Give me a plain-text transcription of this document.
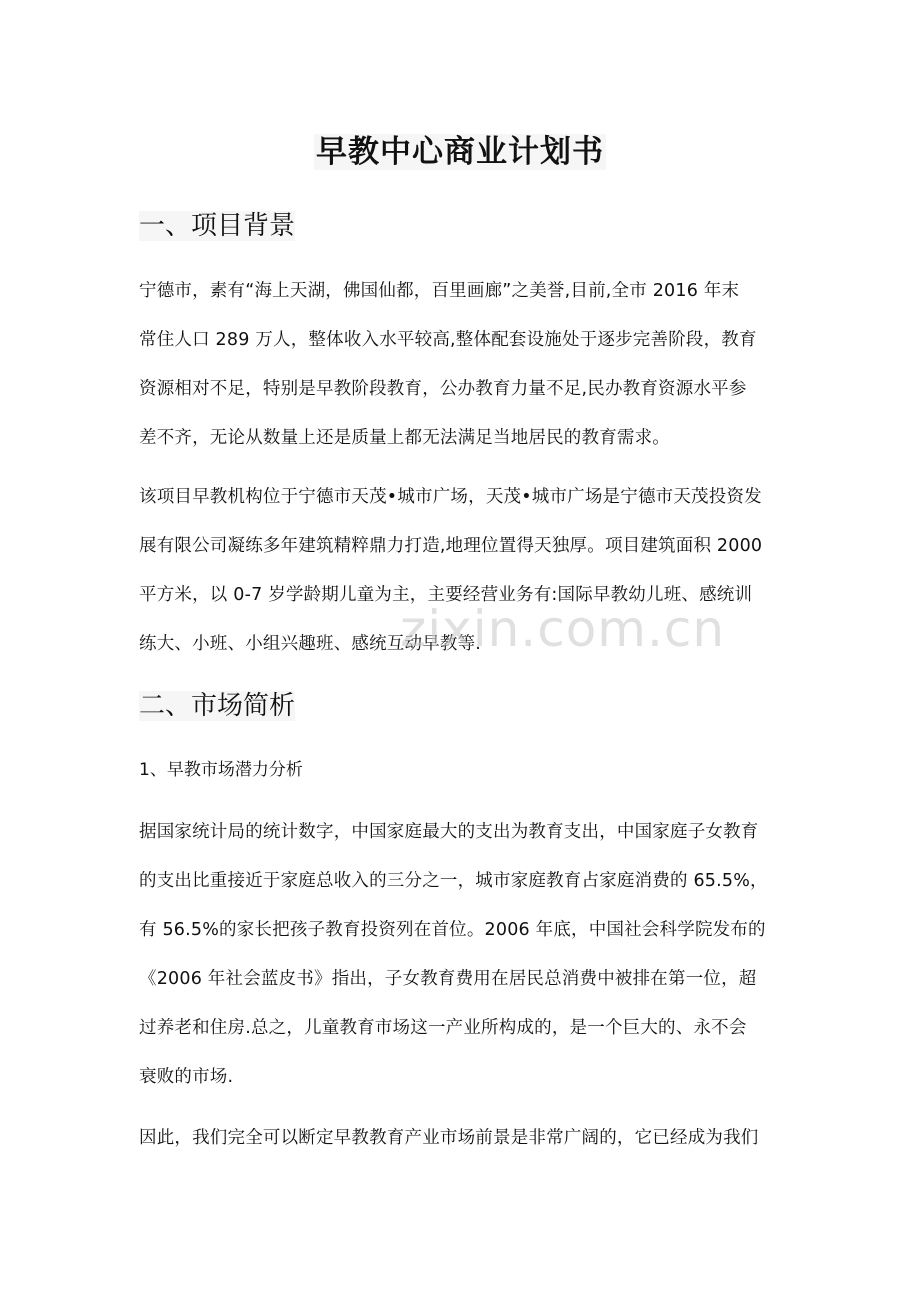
早教中心商业计划书
一、项目背景
宁德市，素有“海上天湖，佛国仙都，百里画廊”之美誉,目前,全市 2016 年末
常住人口 289 万人，整体收入水平较高,整体配套设施处于逐步完善阶段，教育
资源相对不足，特别是早教阶段教育，公办教育力量不足,民办教育资源水平参
差不齐，无论从数量上还是质量上都无法满足当地居民的教育需求。
该项目早教机构位于宁德市天茂•城市广场，天茂•城市广场是宁德市天茂投资发
展有限公司凝练多年建筑精粹鼎力打造,地理位置得天独厚。项目建筑面积 2000
平方米，以 0-7 岁学龄期儿童为主，主要经营业务有:国际早教幼儿班、感统训
练大、小班、小组兴趣班、感统互动早教等.
二、市场简析
1、早教市场潜力分析
据国家统计局的统计数字，中国家庭最大的支出为教育支出，中国家庭子女教育
的支出比重接近于家庭总收入的三分之一，城市家庭教育占家庭消费的 65.5%，
有 56.5%的家长把孩子教育投资列在首位。2006 年底，中国社会科学院发布的
《2006 年社会蓝皮书》指出，子女教育费用在居民总消费中被排在第一位，超
过养老和住房.总之，儿童教育市场这一产业所构成的，是一个巨大的、永不会
衰败的市场.
因此，我们完全可以断定早教教育产业市场前景是非常广阔的，它已经成为我们
zixin.com.cn
